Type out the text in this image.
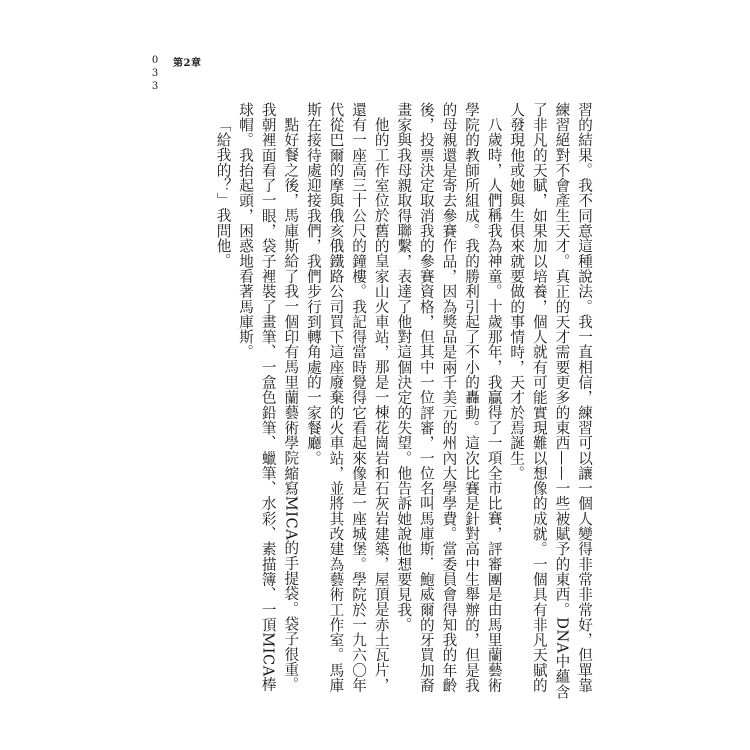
0
3
3
第2章

習的結果。我不同意這種說法。我一直相信，練習可以讓一個人變得非常非常好，但單靠練習絕對不會產生天才。真正的天才需要更多的東西——一些被賦予的東西。DNA中蘊含了非凡的天賦，如果加以培養，個人就有可能實現難以想像的成就。一個具有非凡天賦的人發現他或她與生俱來就要做的事情時，天才於焉誕生。

八歲時，人們稱我為神童。十歲那年，我贏得了一項全市比賽，評審團是由馬里蘭藝術學院的教師所組成。我的勝利引起了不小的轟動。這次比賽是針對高中生舉辦的，但是我的母親還是寄去參賽作品，因為獎品是兩千美元的州內大學學費。當委員會得知我的年齡後，投票決定取消我的參賽資格，但其中一位評審，一位名叫馬庫斯．鮑威爾的牙買加裔畫家與我母親取得聯繫，表達了他對這個決定的失望。他告訴她說他想要見我。

他的工作室位於舊的皇家山火車站，那是一棟花崗岩和石灰岩建築，屋頂是赤土瓦片，還有一座高三十公尺的鐘樓。我記得當時覺得它看起來像是一座城堡。學院於一九六〇年代從巴爾的摩與俄亥俄鐵路公司買下這座廢棄的火車站，並將其改建為藝術工作室。馬庫斯在接待處迎接我們，我們步行到轉角處的一家餐廳。

點好餐之後，馬庫斯給了我一個印有馬里蘭藝術學院縮寫MICA的手提袋。袋子很重。我朝裡面看了一眼，袋子裡裝了畫筆、一盒色鉛筆、蠟筆、水彩、素描簿、一頂MICA棒球帽。我抬起頭，困惑地看著馬庫斯。

「給我的？」我問他。
